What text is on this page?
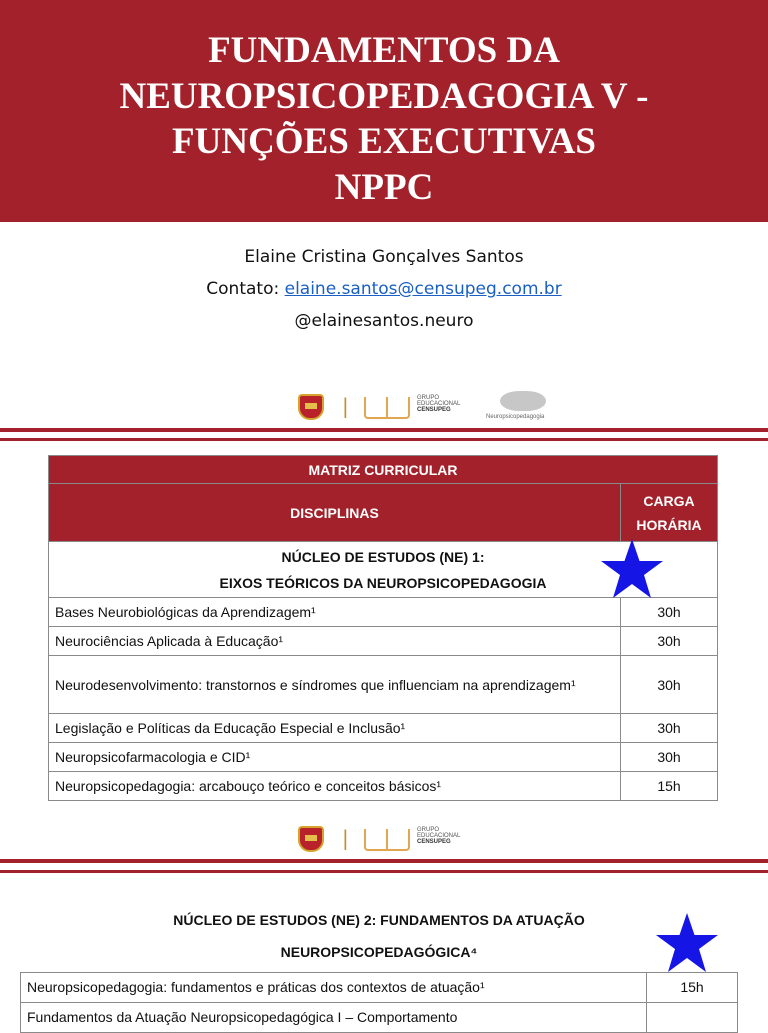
FUNDAMENTOS DA
NEUROPSICOPEDAGOGIA V -
FUNÇÕES EXECUTIVAS
NPPC
Elaine Cristina Gonçalves Santos
Contato: elaine.santos@censupeg.com.br
@elainesantos.neuro
|	GRUPO
EDUCACIONAL
CENSUPEG
Neuropsicopedagogia
MATRIZ CURRICULAR	
DISCIPLINAS	CARGA
HORÁRIA

NÚCLEO DE ESTUDOS (NE) 1:
EIXOS TEÓRICOS DA NEUROPSICOPEDAGOGIA	

Bases Neurobiológicas da Aprendizagem¹	30h
Neurociências Aplicada à Educação¹	30h
Neurodesenvolvimento: transtornos e síndromes que influenciam na aprendizagem¹	30h
Legislação e Políticas da Educação Especial e Inclusão¹	30h
Neuropsicofarmacologia e CID¹	30h
Neuropsicopedagogia: arcabouço teórico e conceitos básicos¹	15h
|	GRUPO
EDUCACIONAL
CENSUPEG
NÚCLEO DE ESTUDOS (NE) 2: FUNDAMENTOS DA ATUAÇÃO
NEUROPSICOPEDAGÓGICA⁴	

Neuropsicopedagogia: fundamentos e práticas dos contextos de atuação¹	15h
Fundamentos da Atuação Neuropsicopedagógica I – Comportamento	
